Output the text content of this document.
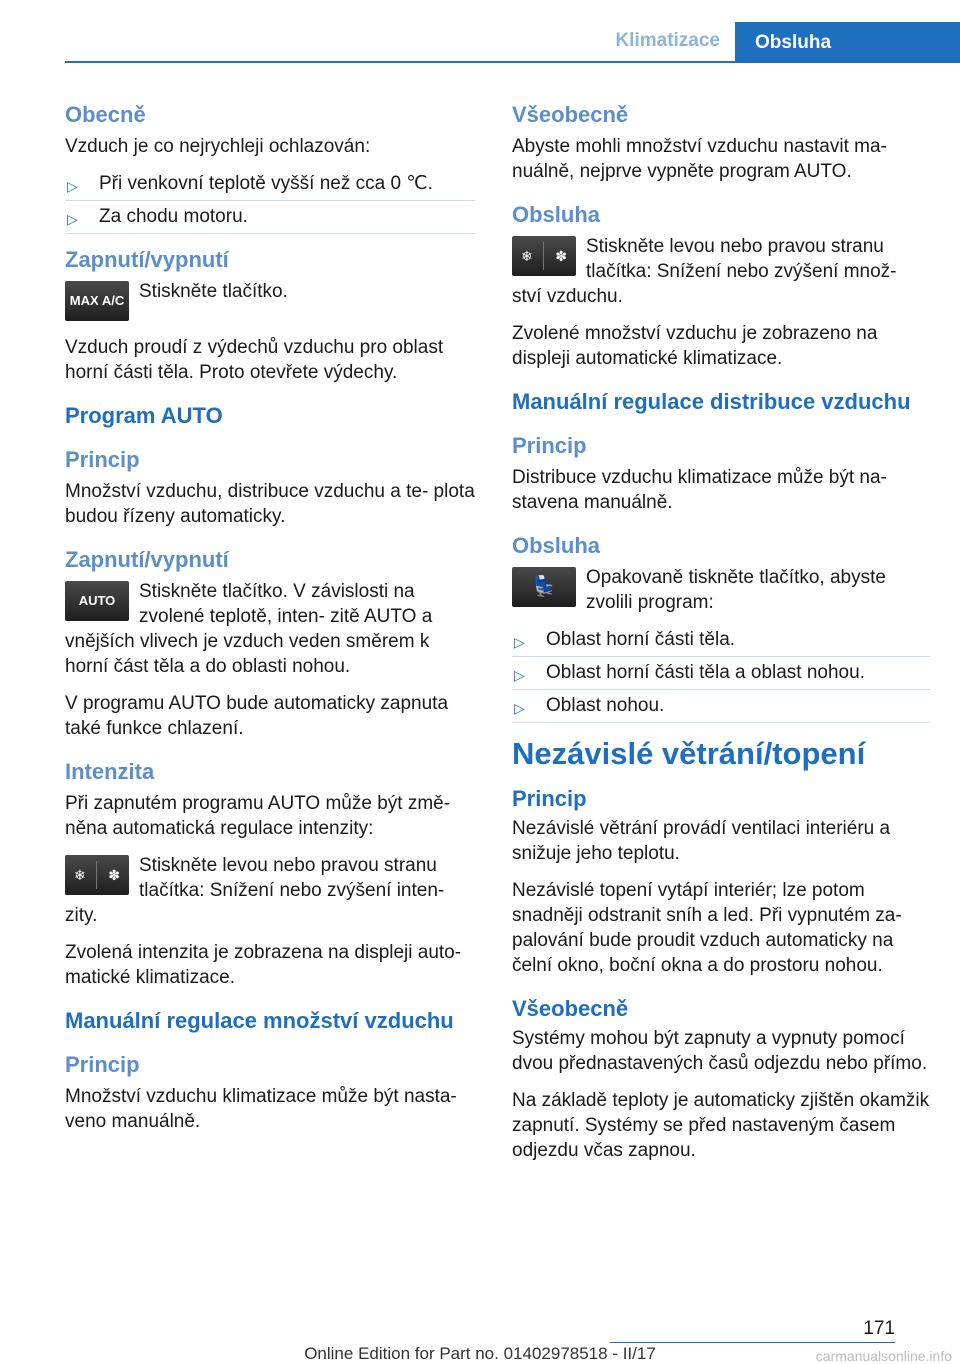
Klimatizace	Obsluha
Obecně

Vzduch je co nejrychleji ochlazován:

▷ Při venkovní teplotě vyšší než cca 0 ℃.
▷ Za chodu motoru.
Zapnutí/vypnutí
MAX A/C Stiskněte tlačítko.

Vzduch proudí z výdechů vzduchu pro oblast horní části těla. Proto otevřete výdechy.

Program AUTO
Princip

Množství vzduchu, distribuce vzduchu a te‐ plota budou řízeny automaticky.

Zapnutí/vypnutí
AUTO	Stiskněte tlačítko. V závislosti na zvolené teplotě, inten‐ zitě AUTO a vnějších vlivech je vzduch veden směrem k horní část těla a do oblasti nohou.

V programu AUTO bude automaticky zapnuta také funkce chlazení.

Intenzita

Při zapnutém programu AUTO může být změ‐ něna automatická regulace intenzity:

❄ ✽	Stiskněte levou nebo pravou stranu tlačítka: Snížení nebo zvýšení inten‐ zity.

Zvolená intenzita je zobrazena na displeji auto‐ matické klimatizace.

Manuální regulace množství vzduchu
Princip

Množství vzduchu klimatizace může být nasta‐ veno manuálně.

Všeobecně

Abyste mohli množství vzduchu nastavit ma‐ nuálně, nejprve vypněte program AUTO.

Obsluha
❄ ✽	Stiskněte levou nebo pravou stranu tlačítka: Snížení nebo zvýšení množ‐ ství vzduchu.

Zvolené množství vzduchu je zobrazeno na displeji automatické klimatizace.

Manuální regulace distribuce vzduchu
Princip

Distribuce vzduchu klimatizace může být na‐ stavena manuálně.

Obsluha
💺	Opakovaně tiskněte tlačítko, abyste zvolili program:

▷ Oblast horní části těla.
▷ Oblast horní části těla a oblast nohou.
▷ Oblast nohou.
Nezávislé větrání/topení
Princip

Nezávislé větrání provádí ventilaci interiéru a snižuje jeho teplotu.

Nezávislé topení vytápí interiér; lze potom snadněji odstranit sníh a led. Při vypnutém za‐ palování bude proudit vzduch automaticky na čelní okno, boční okna a do prostoru nohou.

Všeobecně

Systémy mohou být zapnuty a vypnuty pomocí dvou přednastavených časů odjezdu nebo přímo.

Na základě teploty je automaticky zjištěn okamžik zapnutí. Systémy se před nastaveným časem odjezdu včas zapnou.

171
Online Edition for Part no. 01402978518 - II/17	carmanualsonline.info
